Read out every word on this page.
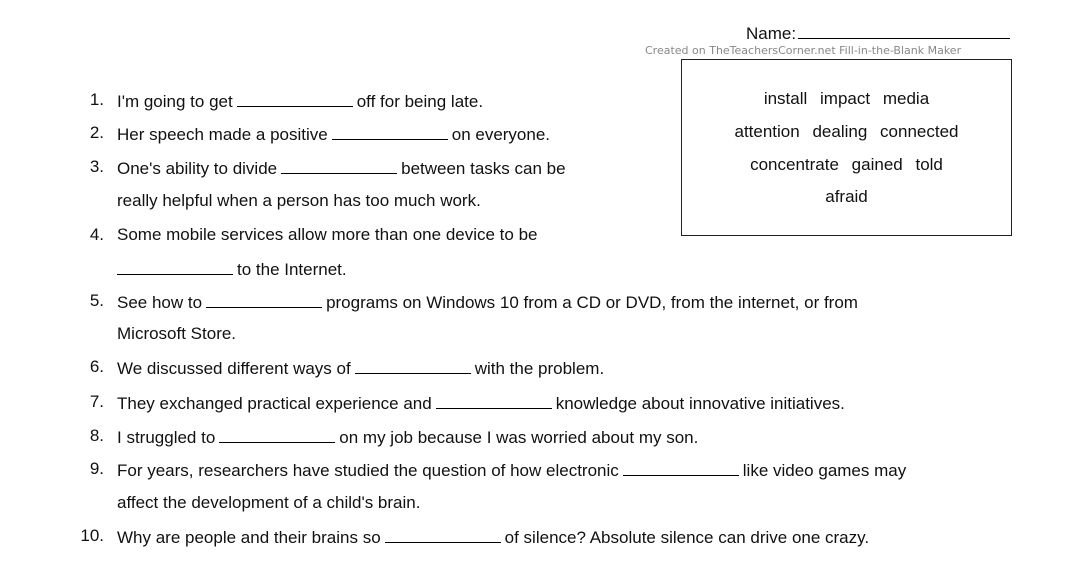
Name:
Created on TheTeachersCorner.net Fill-in-the-Blank Maker
install impact media
attention dealing connected
concentrate gained told
afraid
1. I'm going to get	off for being late.
2. Her speech made a positive	on everyone.
3. One's ability to divide	between tasks can be
really helpful when a person has too much work.
4. Some mobile services allow more than one device to be
to the Internet.
5. See how to	programs on Windows 10 from a CD or DVD, from the internet, or from
Microsoft Store.
6. We discussed different ways of	with the problem.
7. They exchanged practical experience and	knowledge about innovative initiatives.
8. I struggled to	on my job because I was worried about my son.
9. For years, researchers have studied the question of how electronic	like video games may
affect the development of a child's brain.
10. Why are people and their brains so	of silence? Absolute silence can drive one crazy.
